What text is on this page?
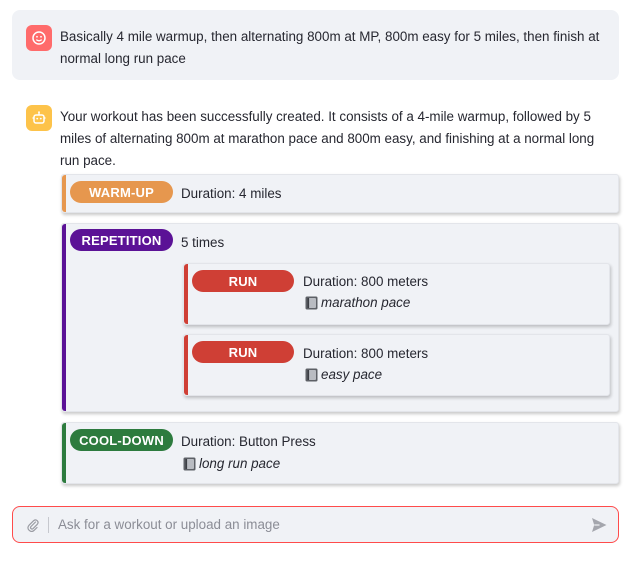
Basically 4 mile warmup, then alternating 800m at MP, 800m easy for 5 miles, then finish at normal long run pace
Your workout has been successfully created. It consists of a 4-mile warmup, followed by 5 miles of alternating 800m at marathon pace and 800m easy, and finishing at a normal long run pace.
WARM-UP	Duration: 4 miles
REPETITION	5 times
RUN	Duration: 800 meters
marathon pace
RUN	Duration: 800 meters
easy pace
COOL-DOWN	Duration: Button Press
long run pace
Ask for a workout or upload an image
